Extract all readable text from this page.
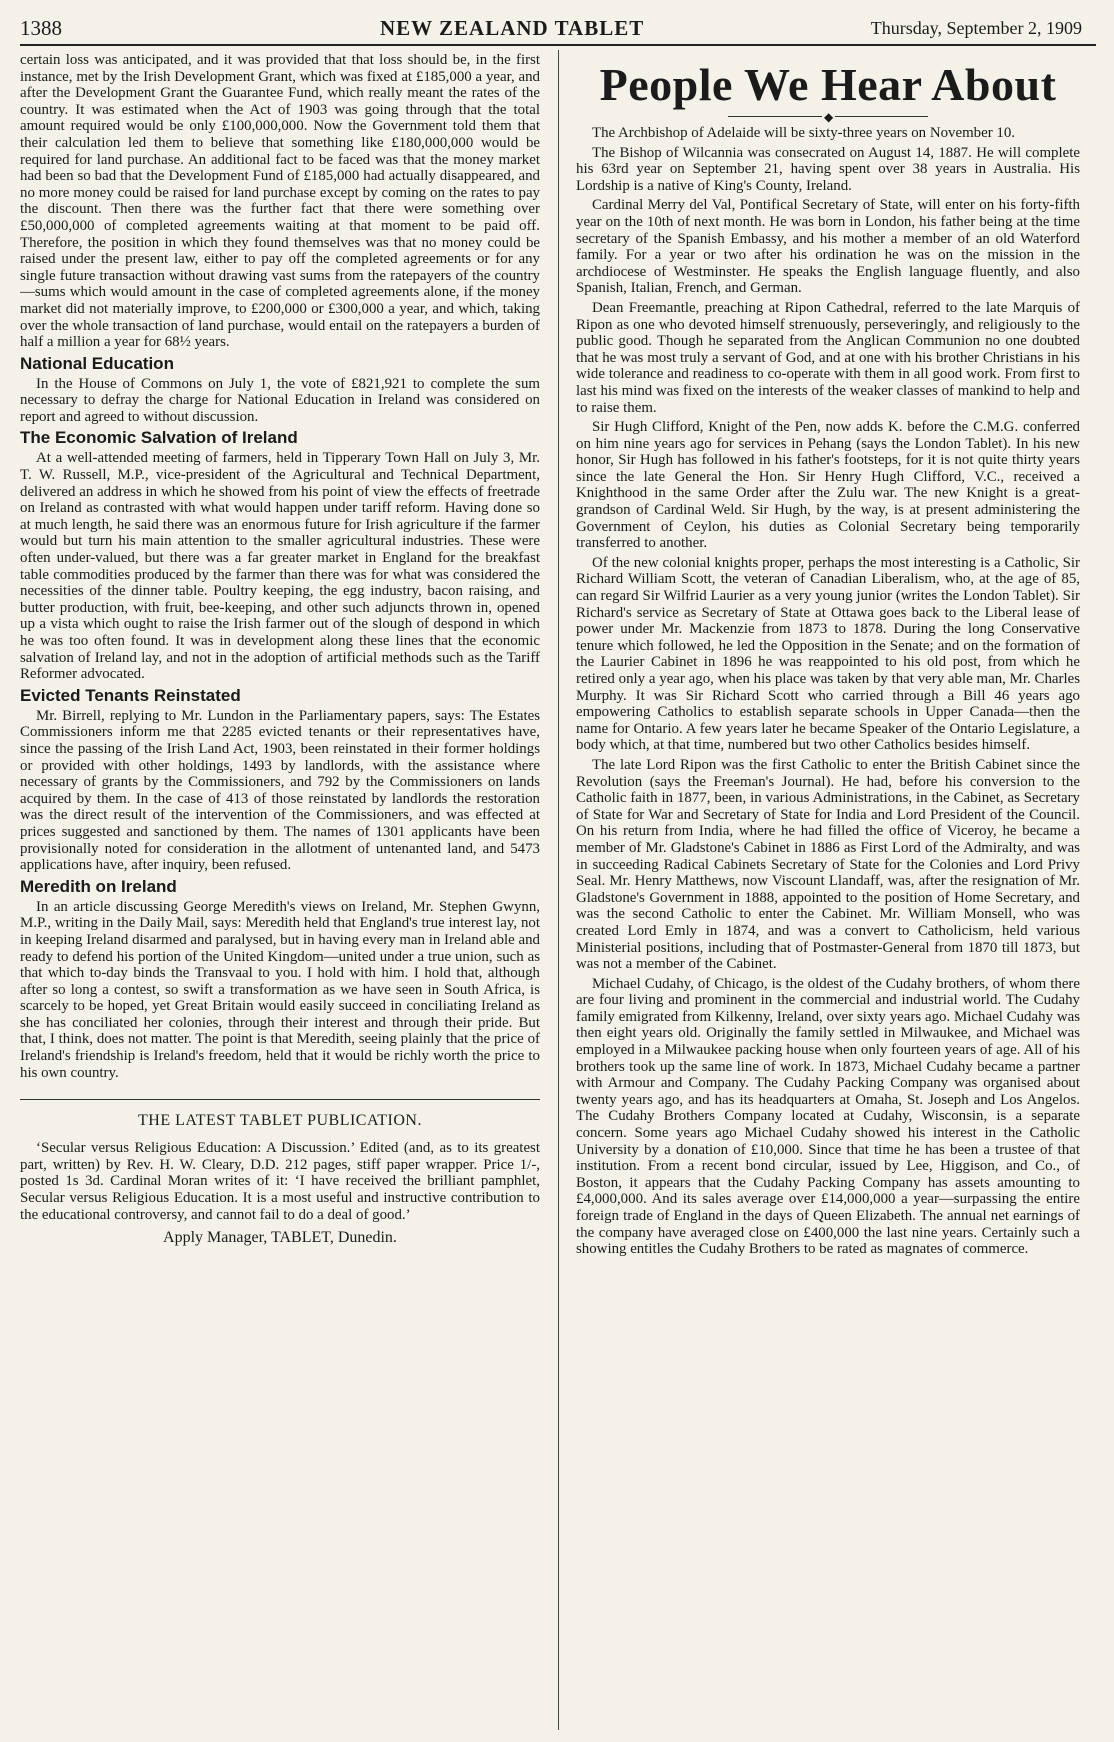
1388	NEW ZEALAND TABLET	Thursday, September 2, 1909

certain loss was anticipated, and it was provided that that loss should be, in the first instance, met by the Irish Development Grant, which was fixed at £185,000 a year, and after the Development Grant the Guarantee Fund, which really meant the rates of the country. It was estimated when the Act of 1903 was going through that the total amount required would be only £100,000,000. Now the Government told them that their calculation led them to believe that something like £180,000,000 would be required for land purchase. An additional fact to be faced was that the money market had been so bad that the Development Fund of £185,000 had actually disappeared, and no more money could be raised for land purchase except by coming on the rates to pay the discount. Then there was the further fact that there were something over £50,000,000 of completed agreements waiting at that moment to be paid off. Therefore, the position in which they found themselves was that no money could be raised under the present law, either to pay off the completed agreements or for any single future transaction without drawing vast sums from the ratepayers of the country—sums which would amount in the case of completed agreements alone, if the money market did not materially improve, to £200,000 or £300,000 a year, and which, taking over the whole transaction of land purchase, would entail on the ratepayers a burden of half a million a year for 68½ years.

National Education

In the House of Commons on July 1, the vote of £821,921 to complete the sum necessary to defray the charge for National Education in Ireland was considered on report and agreed to without discussion.

The Economic Salvation of Ireland

At a well-attended meeting of farmers, held in Tipperary Town Hall on July 3, Mr. T. W. Russell, M.P., vice-president of the Agricultural and Technical Department, delivered an address in which he showed from his point of view the effects of freetrade on Ireland as contrasted with what would happen under tariff reform. Having done so at much length, he said there was an enormous future for Irish agriculture if the farmer would but turn his main attention to the smaller agricultural industries. These were often under-valued, but there was a far greater market in England for the breakfast table commodities produced by the farmer than there was for what was considered the necessities of the dinner table. Poultry keeping, the egg industry, bacon raising, and butter production, with fruit, bee-keeping, and other such adjuncts thrown in, opened up a vista which ought to raise the Irish farmer out of the slough of despond in which he was too often found. It was in development along these lines that the economic salvation of Ireland lay, and not in the adoption of artificial methods such as the Tariff Reformer advocated.

Evicted Tenants Reinstated

Mr. Birrell, replying to Mr. Lundon in the Parliamentary papers, says: The Estates Commissioners inform me that 2285 evicted tenants or their representatives have, since the passing of the Irish Land Act, 1903, been reinstated in their former holdings or provided with other holdings, 1493 by landlords, with the assistance where necessary of grants by the Commissioners, and 792 by the Commissioners on lands acquired by them. In the case of 413 of those reinstated by landlords the restoration was the direct result of the intervention of the Commissioners, and was effected at prices suggested and sanctioned by them. The names of 1301 applicants have been provisionally noted for consideration in the allotment of untenanted land, and 5473 applications have, after inquiry, been refused.

Meredith on Ireland

In an article discussing George Meredith's views on Ireland, Mr. Stephen Gwynn, M.P., writing in the Daily Mail, says: Meredith held that England's true interest lay, not in keeping Ireland disarmed and paralysed, but in having every man in Ireland able and ready to defend his portion of the United Kingdom—united under a true union, such as that which to-day binds the Transvaal to you. I hold with him. I hold that, although after so long a contest, so swift a transformation as we have seen in South Africa, is scarcely to be hoped, yet Great Britain would easily succeed in conciliating Ireland as she has conciliated her colonies, through their interest and through their pride. But that, I think, does not matter. The point is that Meredith, seeing plainly that the price of Ireland's friendship is Ireland's freedom, held that it would be richly worth the price to his own country.

THE LATEST TABLET PUBLICATION.

‘Secular versus Religious Education: A Discussion.’ Edited (and, as to its greatest part, written) by Rev. H. W. Cleary, D.D. 212 pages, stiff paper wrapper. Price 1/-, posted 1s 3d. Cardinal Moran writes of it: ‘I have received the brilliant pamphlet, Secular versus Religious Education. It is a most useful and instructive contribution to the educational controversy, and cannot fail to do a deal of good.’

Apply Manager, TABLET, Dunedin.
People We Hear About
◆

The Archbishop of Adelaide will be sixty-three years on November 10.

The Bishop of Wilcannia was consecrated on August 14, 1887. He will complete his 63rd year on September 21, having spent over 38 years in Australia. His Lordship is a native of King's County, Ireland.

Cardinal Merry del Val, Pontifical Secretary of State, will enter on his forty-fifth year on the 10th of next month. He was born in London, his father being at the time secretary of the Spanish Embassy, and his mother a member of an old Waterford family. For a year or two after his ordination he was on the mission in the archdiocese of Westminster. He speaks the English language fluently, and also Spanish, Italian, French, and German.

Dean Freemantle, preaching at Ripon Cathedral, referred to the late Marquis of Ripon as one who devoted himself strenuously, perseveringly, and religiously to the public good. Though he separated from the Anglican Communion no one doubted that he was most truly a servant of God, and at one with his brother Christians in his wide tolerance and readiness to co-operate with them in all good work. From first to last his mind was fixed on the interests of the weaker classes of mankind to help and to raise them.

Sir Hugh Clifford, Knight of the Pen, now adds K. before the C.M.G. conferred on him nine years ago for services in Pehang (says the London Tablet). In his new honor, Sir Hugh has followed in his father's footsteps, for it is not quite thirty years since the late General the Hon. Sir Henry Hugh Clifford, V.C., received a Knighthood in the same Order after the Zulu war. The new Knight is a great-grandson of Cardinal Weld. Sir Hugh, by the way, is at present administering the Government of Ceylon, his duties as Colonial Secretary being temporarily transferred to another.

Of the new colonial knights proper, perhaps the most interesting is a Catholic, Sir Richard William Scott, the veteran of Canadian Liberalism, who, at the age of 85, can regard Sir Wilfrid Laurier as a very young junior (writes the London Tablet). Sir Richard's service as Secretary of State at Ottawa goes back to the Liberal lease of power under Mr. Mackenzie from 1873 to 1878. During the long Conservative tenure which followed, he led the Opposition in the Senate; and on the formation of the Laurier Cabinet in 1896 he was reappointed to his old post, from which he retired only a year ago, when his place was taken by that very able man, Mr. Charles Murphy. It was Sir Richard Scott who carried through a Bill 46 years ago empowering Catholics to establish separate schools in Upper Canada—then the name for Ontario. A few years later he became Speaker of the Ontario Legislature, a body which, at that time, numbered but two other Catholics besides himself.

The late Lord Ripon was the first Catholic to enter the British Cabinet since the Revolution (says the Freeman's Journal). He had, before his conversion to the Catholic faith in 1877, been, in various Administrations, in the Cabinet, as Secretary of State for War and Secretary of State for India and Lord President of the Council. On his return from India, where he had filled the office of Viceroy, he became a member of Mr. Gladstone's Cabinet in 1886 as First Lord of the Admiralty, and was in succeeding Radical Cabinets Secretary of State for the Colonies and Lord Privy Seal. Mr. Henry Matthews, now Viscount Llandaff, was, after the resignation of Mr. Gladstone's Government in 1888, appointed to the position of Home Secretary, and was the second Catholic to enter the Cabinet. Mr. William Monsell, who was created Lord Emly in 1874, and was a convert to Catholicism, held various Ministerial positions, including that of Postmaster-General from 1870 till 1873, but was not a member of the Cabinet.

Michael Cudahy, of Chicago, is the oldest of the Cudahy brothers, of whom there are four living and prominent in the commercial and industrial world. The Cudahy family emigrated from Kilkenny, Ireland, over sixty years ago. Michael Cudahy was then eight years old. Originally the family settled in Milwaukee, and Michael was employed in a Milwaukee packing house when only fourteen years of age. All of his brothers took up the same line of work. In 1873, Michael Cudahy became a partner with Armour and Company. The Cudahy Packing Company was organised about twenty years ago, and has its headquarters at Omaha, St. Joseph and Los Angelos. The Cudahy Brothers Company located at Cudahy, Wisconsin, is a separate concern. Some years ago Michael Cudahy showed his interest in the Catholic University by a donation of £10,000. Since that time he has been a trustee of that institution. From a recent bond circular, issued by Lee, Higgison, and Co., of Boston, it appears that the Cudahy Packing Company has assets amounting to £4,000,000. And its sales average over £14,000,000 a year—surpassing the entire foreign trade of England in the days of Queen Elizabeth. The annual net earnings of the company have averaged close on £400,000 the last nine years. Certainly such a showing entitles the Cudahy Brothers to be rated as magnates of commerce.
